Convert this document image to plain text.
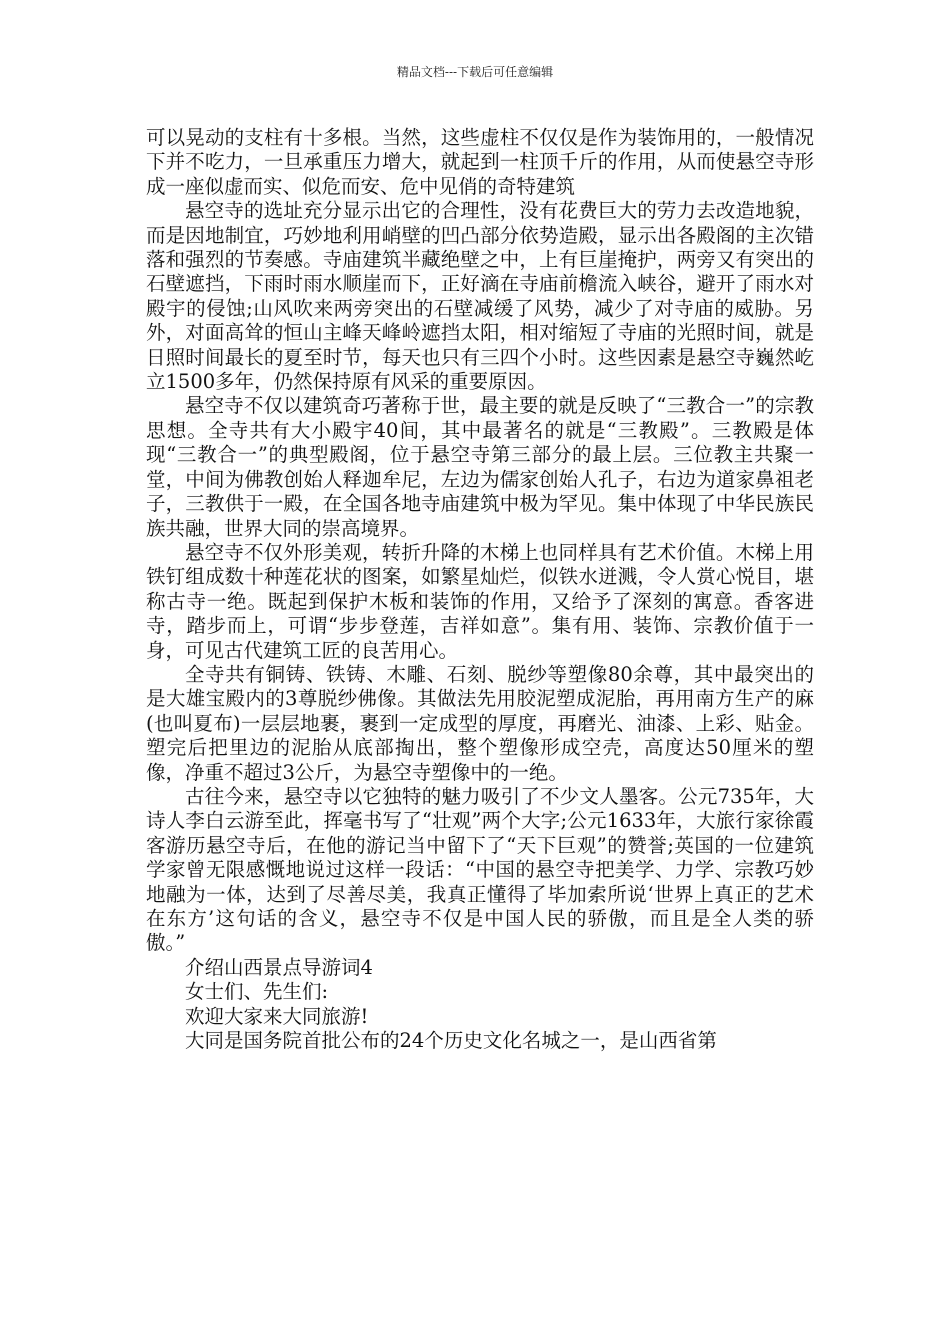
精品文档---下载后可任意编辑

可以晃动的支柱有十多根。当然，这些虚柱不仅仅是作为装饰用的，一般情况下并不吃力，一旦承重压力增大，就起到一柱顶千斤的作用，从而使悬空寺形成一座似虚而实、似危而安、危中见俏的奇特建筑

悬空寺的选址充分显示出它的合理性，没有花费巨大的劳力去改造地貌，而是因地制宜，巧妙地利用峭壁的凹凸部分依势造殿，显示出各殿阁的主次错落和强烈的节奏感。寺庙建筑半藏绝壁之中，上有巨崖掩护，两旁又有突出的石壁遮挡，下雨时雨水顺崖而下，正好滴在寺庙前檐流入峡谷，避开了雨水对殿宇的侵蚀;山风吹来两旁突出的石壁减缓了风势，减少了对寺庙的威胁。另外，对面高耸的恒山主峰天峰岭遮挡太阳，相对缩短了寺庙的光照时间，就是日照时间最长的夏至时节，每天也只有三四个小时。这些因素是悬空寺巍然屹立1500多年，仍然保持原有风采的重要原因。

悬空寺不仅以建筑奇巧著称于世，最主要的就是反映了“三教合一”的宗教思想。全寺共有大小殿宇40间，其中最著名的就是“三教殿”。三教殿是体现“三教合一”的典型殿阁，位于悬空寺第三部分的最上层。三位教主共聚一堂，中间为佛教创始人释迦牟尼，左边为儒家创始人孔子，右边为道家鼻祖老子，三教供于一殿，在全国各地寺庙建筑中极为罕见。集中体现了中华民族民族共融，世界大同的崇高境界。

悬空寺不仅外形美观，转折升降的木梯上也同样具有艺术价值。木梯上用铁钉组成数十种莲花状的图案，如繁星灿烂，似铁水迸溅，令人赏心悦目，堪称古寺一绝。既起到保护木板和装饰的作用，又给予了深刻的寓意。香客进寺，踏步而上，可谓“步步登莲，吉祥如意”。集有用、装饰、宗教价值于一身，可见古代建筑工匠的良苦用心。

全寺共有铜铸、铁铸、木雕、石刻、脱纱等塑像80余尊，其中最突出的是大雄宝殿内的3尊脱纱佛像。其做法先用胶泥塑成泥胎，再用南方生产的麻(也叫夏布)一层层地裹，裹到一定成型的厚度，再磨光、油漆、上彩、贴金。塑完后把里边的泥胎从底部掏出，整个塑像形成空壳，高度达50厘米的塑像，净重不超过3公斤，为悬空寺塑像中的一绝。

古往今来，悬空寺以它独特的魅力吸引了不少文人墨客。公元735年，大诗人李白云游至此，挥毫书写了“壮观”两个大字;公元1633年，大旅行家徐霞客游历悬空寺后，在他的游记当中留下了“天下巨观”的赞誉;英国的一位建筑学家曾无限感慨地说过这样一段话：“中国的悬空寺把美学、力学、宗教巧妙地融为一体，达到了尽善尽美，我真正懂得了毕加索所说‘世界上真正的艺术在东方’这句话的含义，悬空寺不仅是中国人民的骄傲，而且是全人类的骄傲。”

介绍山西景点导游词4

女士们、先生们:

欢迎大家来大同旅游!

大同是国务院首批公布的24个历史文化名城之一，是山西省第
